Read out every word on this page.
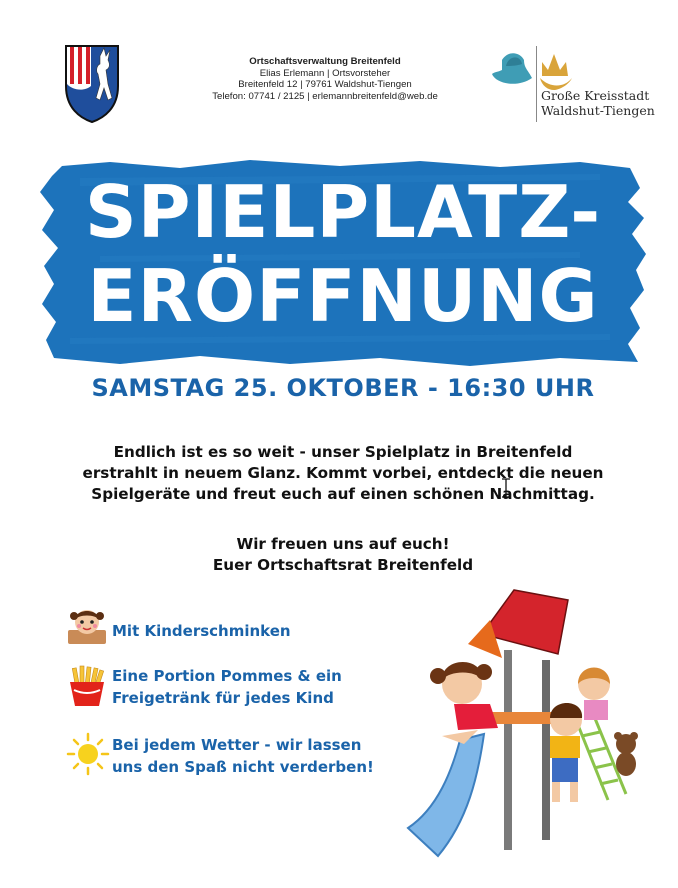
Ortschaftsverwaltung Breitenfeld
Elias Erlemann | Ortsvorsteher
Breitenfeld 12 | 79761 Waldshut-Tiengen
Telefon: 07741 / 2125 | erlemannbreitenfeld@web.de	Große Kreisstadt
Waldshut-Tiengen
SPIELPLATZ-
ERÖFFNUNG
SAMSTAG 25. OKTOBER - 16:30 UHR
Endlich ist es so weit - unser Spielplatz in Breitenfeld
erstrahlt in neuem Glanz. Kommt vorbei, entdeckt die neuen
Spielgeräte und freut euch auf einen schönen Nachmittag.
Wir freuen uns auf euch!
Euer Ortschaftsrat Breitenfeld
Mit Kinderschminken
Eine Portion Pommes & ein
Freigetränk für jedes Kind
Bei jedem Wetter - wir lassen
uns den Spaß nicht verderben!
